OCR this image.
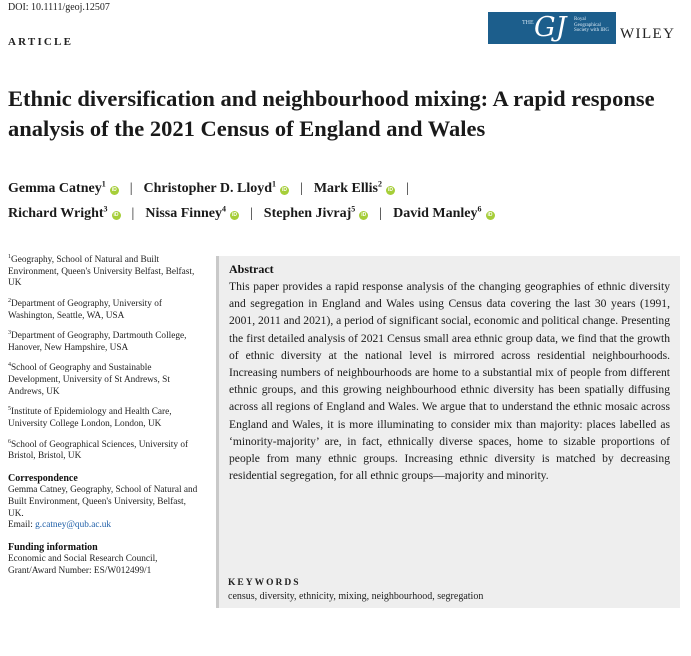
DOI: 10.1111/geoj.12507
ARTICLE
THE GJ Royal Geographical Society with IBG WILEY
Ethnic diversification and neighbourhood mixing: A rapid response analysis of the 2021 Census of England and Wales
Gemma Catney$^1$iD | Christopher D. Lloyd$^1$iD | Mark Ellis$^2$iD |
Richard Wright$^3$iD | Nissa Finney$^4$iD | Stephen Jivraj$^5$iD | David Manley$^6$iD

$^1$Geography, School of Natural and Built Environment, Queen's University Belfast, Belfast, UK

$^2$Department of Geography, University of Washington, Seattle, WA, USA

$^3$Department of Geography, Dartmouth College, Hanover, New Hampshire, USA

$^4$School of Geography and Sustainable Development, University of St Andrews, St Andrews, UK

$^5$Institute of Epidemiology and Health Care, University College London, London, UK

$^6$School of Geographical Sciences, University of Bristol, Bristol, UK

Correspondence
Gemma Catney, Geography, School of Natural and Built Environment, Queen's University, Belfast, UK.
Email: g.catney@qub.ac.uk
Funding information
Economic and Social Research Council, Grant/Award Number: ES/W012499/1
Abstract

This paper provides a rapid response analysis of the changing geographies of ethnic diversity and segregation in England and Wales using Census data covering the last 30 years (1991, 2001, 2011 and 2021), a period of significant social, economic and political change. Presenting the first detailed analysis of 2021 Census small area ethnic group data, we find that the growth of ethnic diversity at the national level is mirrored across residential neighbourhoods. Increasing numbers of neighbourhoods are home to a substantial mix of people from different ethnic groups, and this growing neighbourhood ethnic diversity has been spatially diffusing across all regions of England and Wales. We argue that to understand the ethnic mosaic across England and Wales, it is more illuminating to consider mix than majority: places labelled as ‘minority-majority’ are, in fact, ethnically diverse spaces, home to sizable proportions of people from many ethnic groups. Increasing ethnic diversity is matched by decreasing residential segregation, for all ethnic groups—majority and minority.

KEYWORDS
census, diversity, ethnicity, mixing, neighbourhood, segregation
